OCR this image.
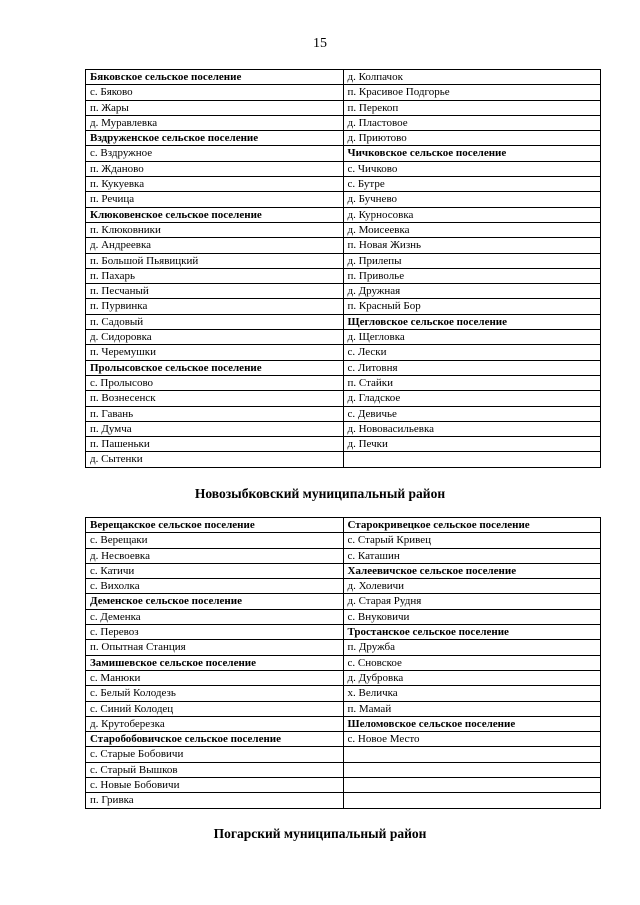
15
Бяковское сельское поселение	д. Колпачок
с. Бяково	п. Красивое Подгорье
п. Жары	п. Перекоп
д. Муравлевка	д. Пластовое
Вздруженское сельское поселение	д. Приютово
с. Вздружное	Чичковское сельское поселение
п. Жданово	с. Чичково
п. Кукуевка	с. Бутре
п. Речица	д. Бучнево
Клюковенское сельское поселение	д. Курносовка
п. Клюковники	д. Моисеевка
д. Андреевка	п. Новая Жизнь
п. Большой Пьявицкий	д. Прилепы
п. Пахарь	п. Приволье
п. Песчаный	д. Дружная
п. Пурвинка	п. Красный Бор
п. Садовый	Щегловское сельское поселение
д. Сидоровка	д. Щегловка
п. Черемушки	с. Лески
Пролысовское сельское поселение	с. Литовня
с. Пролысово	п. Стайки
п. Вознесенск	д. Гладское
п. Гавань	с. Девичье
п. Думча	д. Нововасильевка
п. Пашеньки	д. Печки
д. Сытенки	
Новозыбковский муниципальный район
Верещакское сельское поселение	Старокривецкое сельское поселение
с. Верещаки	с. Старый Кривец
д. Несвоевка	с. Каташин
с. Катичи	Халеевичское сельское поселение
с. Вихолка	д. Холевичи
Деменское сельское поселение	д. Старая Рудня
с. Деменка	с. Внуковичи
с. Перевоз	Тростанское сельское поселение
п. Опытная Станция	п. Дружба
Замишевское сельское поселение	с. Сновское
с. Манюки	д. Дубровка
с. Белый Колодезь	х. Величка
с. Синий Колодец	п. Мамай
д. Крутоберезка	Шеломовское сельское поселение
Старобобовичское сельское поселение	с. Новое Место
с. Старые Бобовичи	
с. Старый Вышков	
с. Новые Бобовичи	
п. Гривка	
Погарский муниципальный район
